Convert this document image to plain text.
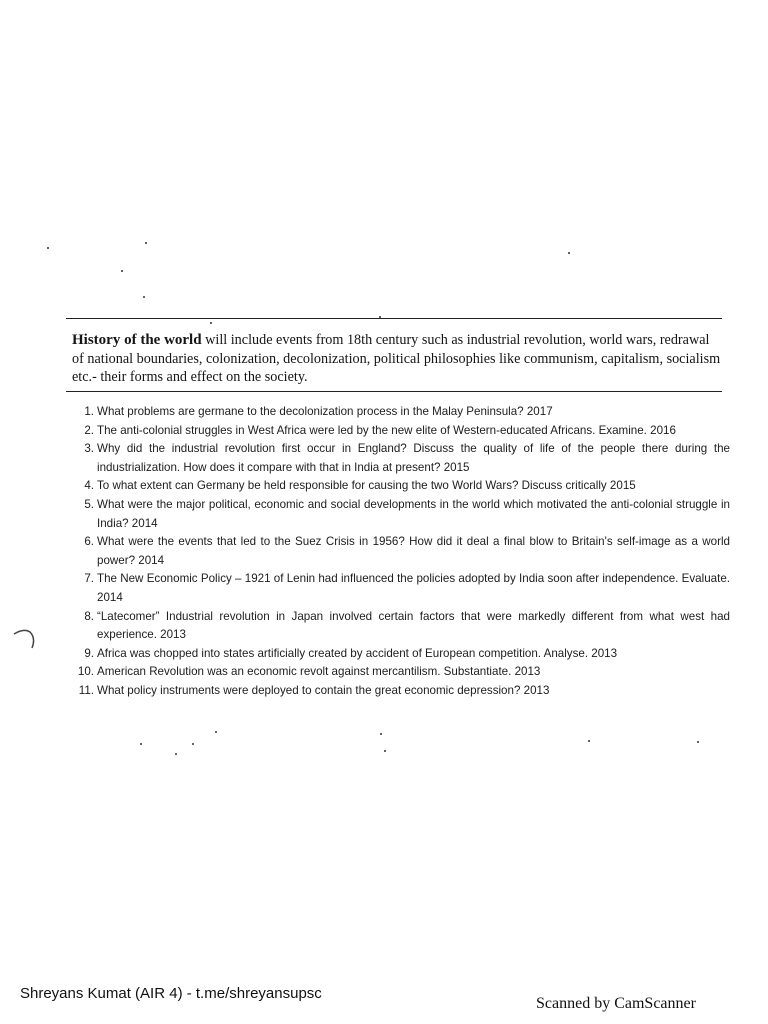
History of the world will include events from 18th century such as industrial revolution, world wars, redrawal of national boundaries, colonization, decolonization, political philosophies like communism, capitalism, socialism etc.- their forms and effect on the society.
1. What problems are germane to the decolonization process in the Malay Peninsula? 2017
2. The anti-colonial struggles in West Africa were led by the new elite of Western-educated Africans. Examine. 2016
3. Why did the industrial revolution first occur in England? Discuss the quality of life of the people there during the industrialization. How does it compare with that in India at present? 2015
4. To what extent can Germany be held responsible for causing the two World Wars? Discuss critically 2015
5. What were the major political, economic and social developments in the world which motivated the anti-colonial struggle in India? 2014
6. What were the events that led to the Suez Crisis in 1956? How did it deal a final blow to Britain's self-image as a world power? 2014
7. The New Economic Policy – 1921 of Lenin had influenced the policies adopted by India soon after independence. Evaluate. 2014
8. “Latecomer” Industrial revolution in Japan involved certain factors that were markedly different from what west had experience. 2013
9. Africa was chopped into states artificially created by accident of European competition. Analyse. 2013
10. American Revolution was an economic revolt against mercantilism. Substantiate. 2013
11. What policy instruments were deployed to contain the great economic depression? 2013
Shreyans Kumat (AIR 4) - t.me/shreyansupsc
Scanned by CamScanner
